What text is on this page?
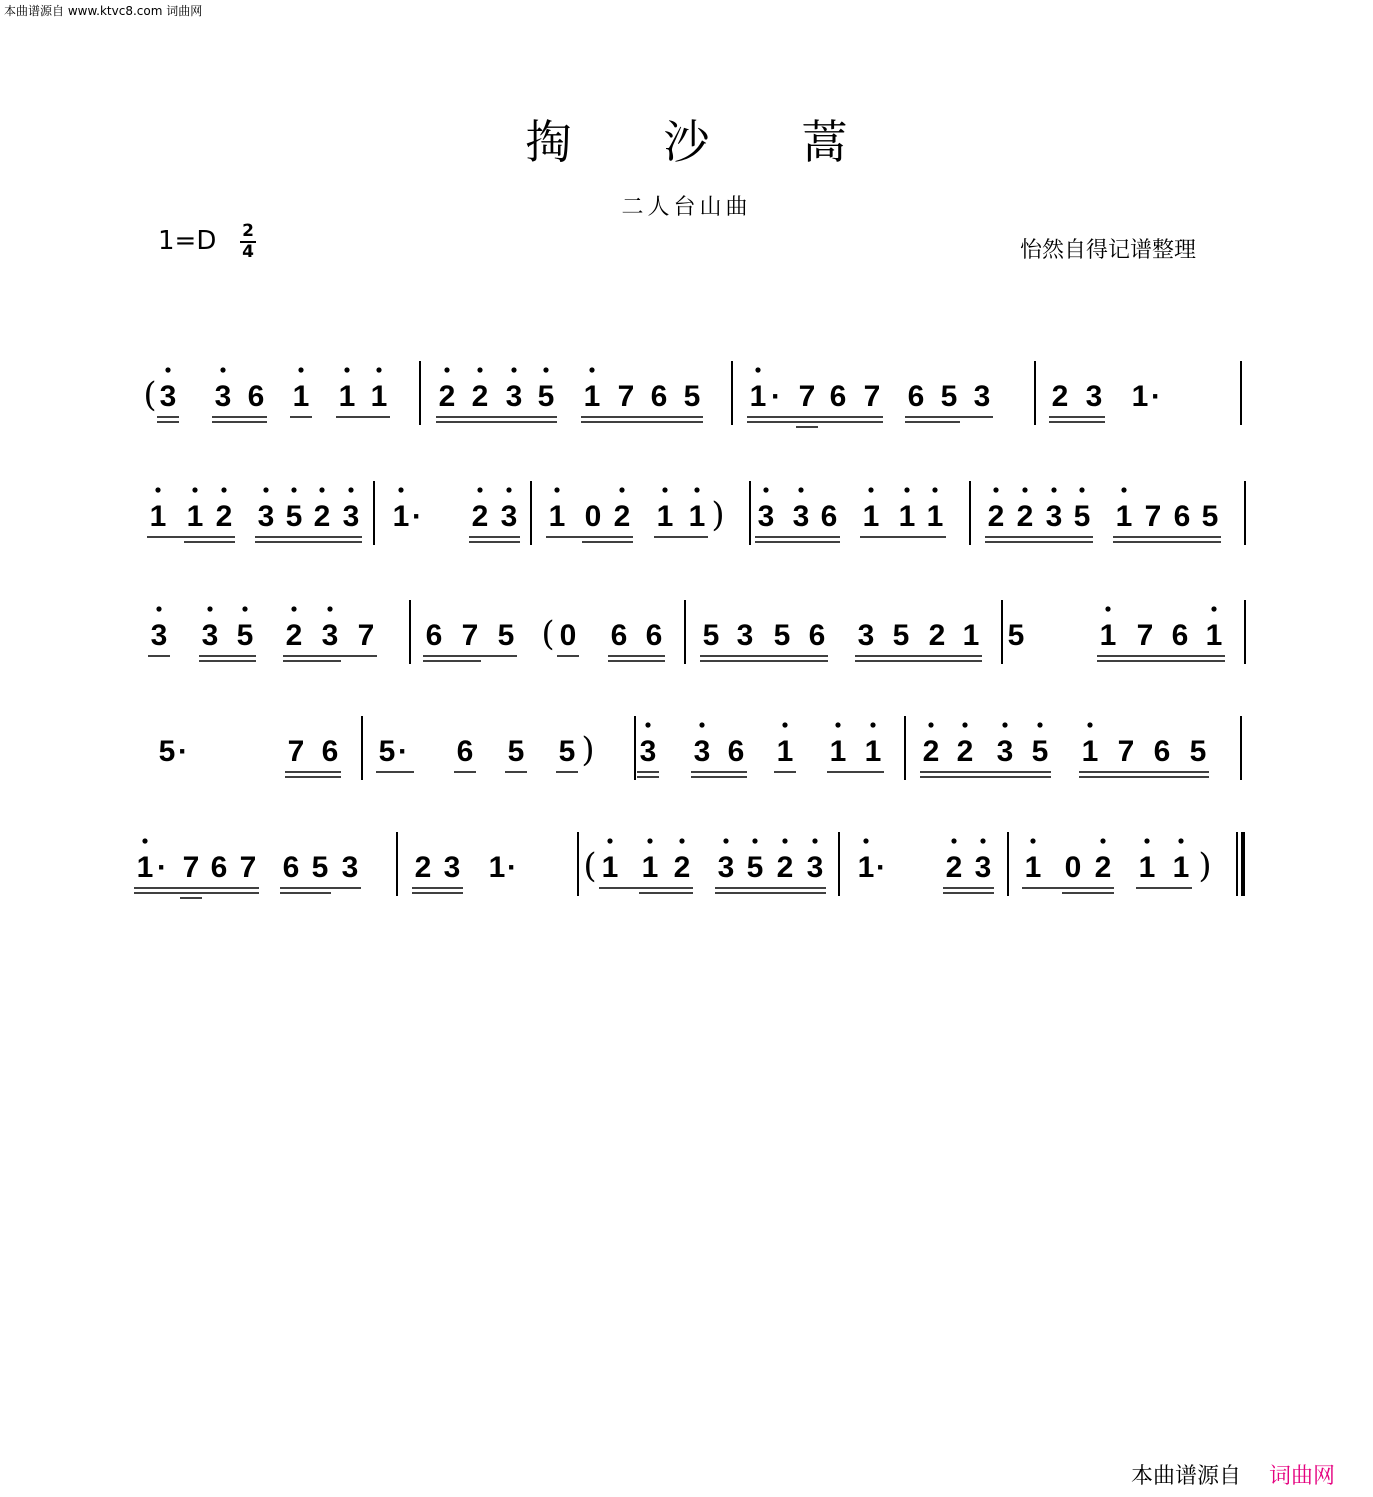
本曲谱源自 www.ktvc8.com 词曲网
掏沙蒿
二人台山曲
1=D 2
4	怡然自得记谱整理
( 3 3 6 1 1 1 2 2 3 5 1 7 6 5 1 · 7 6 7 6 5 3 2 3 1 ·
1 1 2 3 5 2 3 1 · 2 3 1 0 2 1 1 ) 3 3 6 1 1 1 2 2 3 5 1 7 6 5
3 3 5 2 3 7 6 7 5 ( 0 6 6 5 3 5 6 3 5 2 1 5	1 7 6 1
5 ·	7 6 5 · 6 5 5 ) 3 3 6 1 1 1 2 2 3 5 1 7 6 5
1 · 7 6 7 6 5 3 2 3 1 · ( 1 1 2 3 5 2 3 1 · 2 3 1 0 2 1 1 )
本曲谱源自 词曲网
